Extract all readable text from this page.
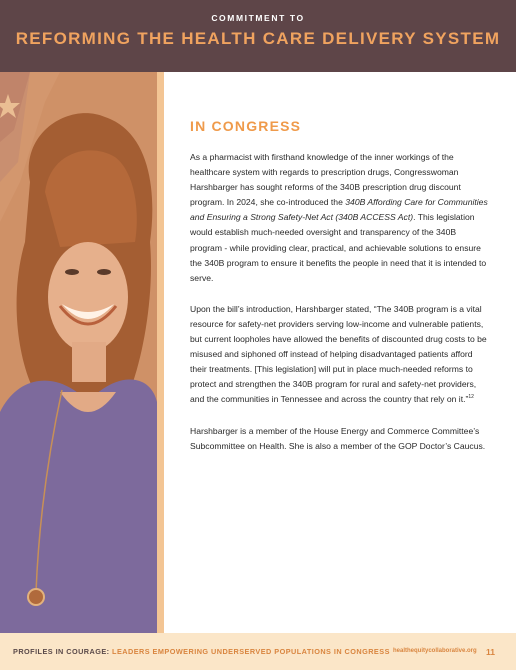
COMMITMENT TO
REFORMING THE HEALTH CARE DELIVERY SYSTEM
IN CONGRESS

As a pharmacist with firsthand knowledge of the inner workings of the healthcare system with regards to prescription drugs, Congresswoman Harshbarger has sought reforms of the 340B prescription drug discount program. In 2024, she co-introduced the 340B Affording Care for Communities and Ensuring a Strong Safety-Net Act (340B ACCESS Act). This legislation would establish much-needed oversight and transparency of the 340B program - while providing clear, practical, and achievable solutions to ensure the 340B program to ensure it benefits the people in need that it is intended to serve.

Upon the bill’s introduction, Harshbarger stated, “The 340B program is a vital resource for safety-net providers serving low-income and vulnerable patients, but current loopholes have allowed the benefits of discounted drug costs to be misused and siphoned off instead of helping disadvantaged patients afford their treatments. [This legislation] will put in place much-needed reforms to protect and strengthen the 340B program for rural and safety-net providers, and the communities in Tennessee and across the country that rely on it.”$^{12}$

Harshbarger is a member of the House Energy and Commerce Committee’s Subcommittee on Health. She is also a member of the GOP Doctor’s Caucus.

PROFILES IN COURAGE: LEADERS EMPOWERING UNDERSERVED POPULATIONS IN CONGRESS healthequitycollaborative.org 11
